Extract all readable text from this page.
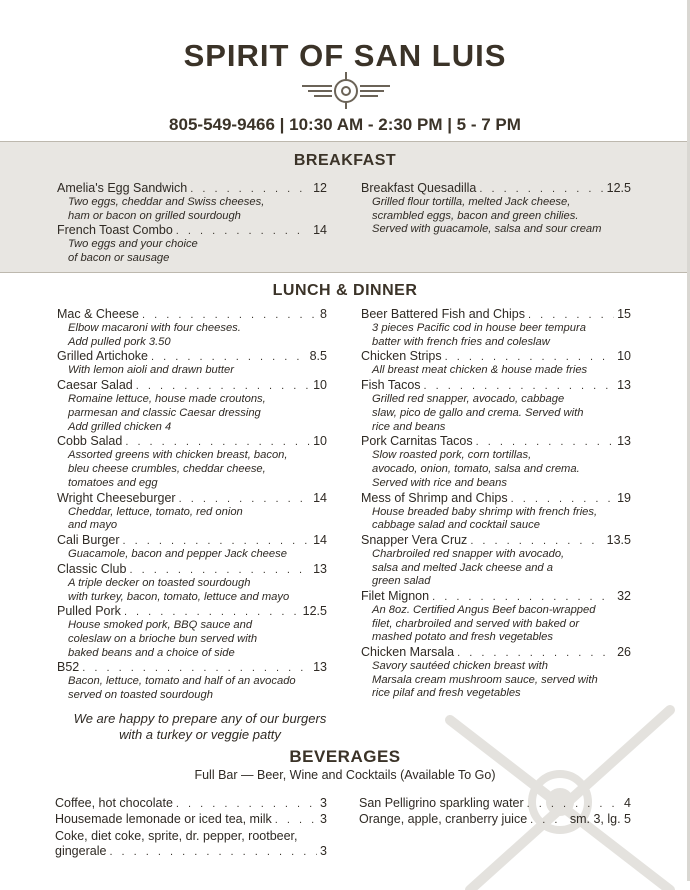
SPIRIT OF SAN LUIS
805-549-9466 | 10:30 AM - 2:30 PM | 5 - 7 PM
BREAKFAST
Amelia's Egg Sandwich . . .	12
Two eggs, cheddar and Swiss cheeses,
ham or bacon on grilled sourdough
French Toast Combo . . .	14
Two eggs and your choice
of bacon or sausage
Breakfast Quesadilla . . .	12.5
Grilled flour tortilla, melted Jack cheese,
scrambled eggs, bacon and green chilies.
Served with guacamole, salsa and sour cream
LUNCH & DINNER
Mac & Cheese . . .	8
Elbow macaroni with four cheeses.
Add pulled pork 3.50
Grilled Artichoke . . .	8.5
With lemon aioli and drawn butter
Caesar Salad . . .	10
Romaine lettuce, house made croutons,
parmesan and classic Caesar dressing
Add grilled chicken 4
Cobb Salad . . .	10
Assorted greens with chicken breast, bacon,
bleu cheese crumbles, cheddar cheese,
tomatoes and egg
Wright Cheeseburger . . .	14
Cheddar, lettuce, tomato, red onion
and mayo
Cali Burger . . .	14
Guacamole, bacon and pepper Jack cheese
Classic Club . . .	13
A triple decker on toasted sourdough
with turkey, bacon, tomato, lettuce and mayo
Pulled Pork . . .	12.5
House smoked pork, BBQ sauce and
coleslaw on a brioche bun served with
baked beans and a choice of side
B52 . . .	13
Bacon, lettuce, tomato and half of an avocado
served on toasted sourdough
Beer Battered Fish and Chips . . .	15
3 pieces Pacific cod in house beer tempura
batter with french fries and coleslaw
Chicken Strips . . .	10
All breast meat chicken & house made fries
Fish Tacos . . .	13
Grilled red snapper, avocado, cabbage
slaw, pico de gallo and crema. Served with
rice and beans
Pork Carnitas Tacos . . .	13
Slow roasted pork, corn tortillas,
avocado, onion, tomato, salsa and crema.
Served with rice and beans
Mess of Shrimp and Chips . . .	19
House breaded baby shrimp with french fries,
cabbage salad and cocktail sauce
Snapper Vera Cruz . . .	13.5
Charbroiled red snapper with avocado,
salsa and melted Jack cheese and a
green salad
Filet Mignon . . .	32
An 8oz. Certified Angus Beef bacon-wrapped
filet, charbroiled and served with baked or
mashed potato and fresh vegetables
Chicken Marsala . . .	26
Savory sautéed chicken breast with
Marsala cream mushroom sauce, served with
rice pilaf and fresh vegetables
We are happy to prepare any of our burgers
with a turkey or veggie patty
BEVERAGES
Full Bar — Beer, Wine and Cocktails (Available To Go)
Coffee, hot chocolate . . .	3
Housemade lemonade or iced tea, milk . . .	3
Coke, diet coke, sprite, dr. pepper, rootbeer,
gingerale . . .	3
San Pelligrino sparkling water . . .	4
Orange, apple, cranberry juice . . .	sm. 3, lg. 5
